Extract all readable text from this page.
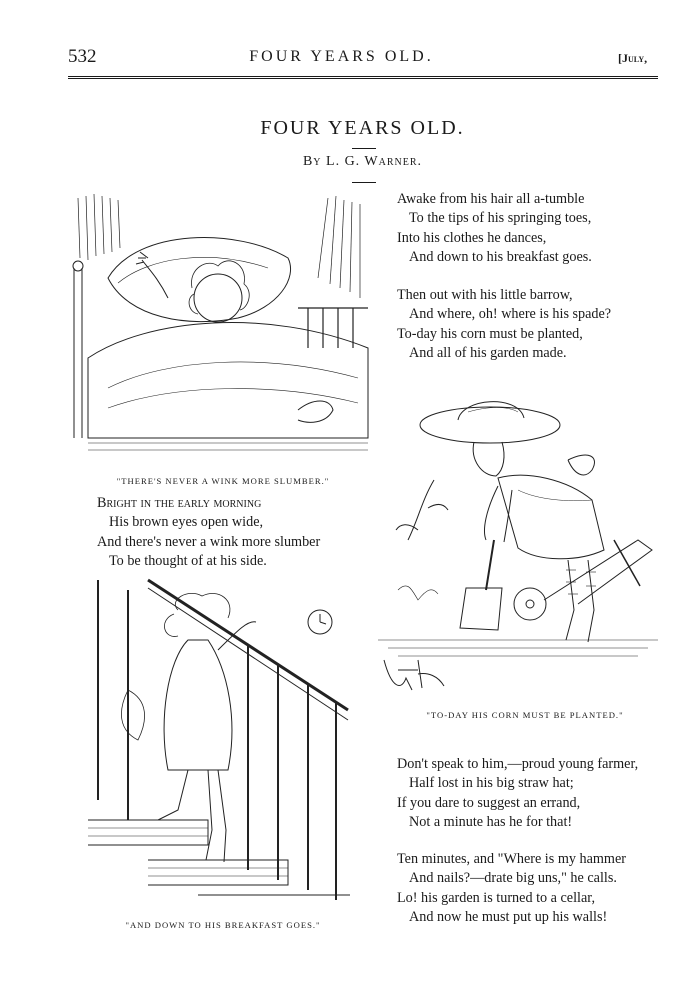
532	FOUR YEARS OLD.	[July,
FOUR YEARS OLD.
By L. G. Warner.
"THERE'S NEVER A WINK MORE SLUMBER."
Bright in the early morning
His brown eyes open wide,
And there's never a wink more slumber
To be thought of at his side.
"AND DOWN TO HIS BREAKFAST GOES."
Awake from his hair all a-tumble
To the tips of his springing toes,
Into his clothes he dances,
And down to his breakfast goes.
Then out with his little barrow,
And where, oh! where is his spade?
To-day his corn must be planted,
And all of his garden made.
"TO-DAY HIS CORN MUST BE PLANTED."
Don't speak to him,—proud young farmer,
Half lost in his big straw hat;
If you dare to suggest an errand,
Not a minute has he for that!
Ten minutes, and "Where is my hammer
And nails?—drate big uns," he calls.
Lo! his garden is turned to a cellar,
And now he must put up his walls!
